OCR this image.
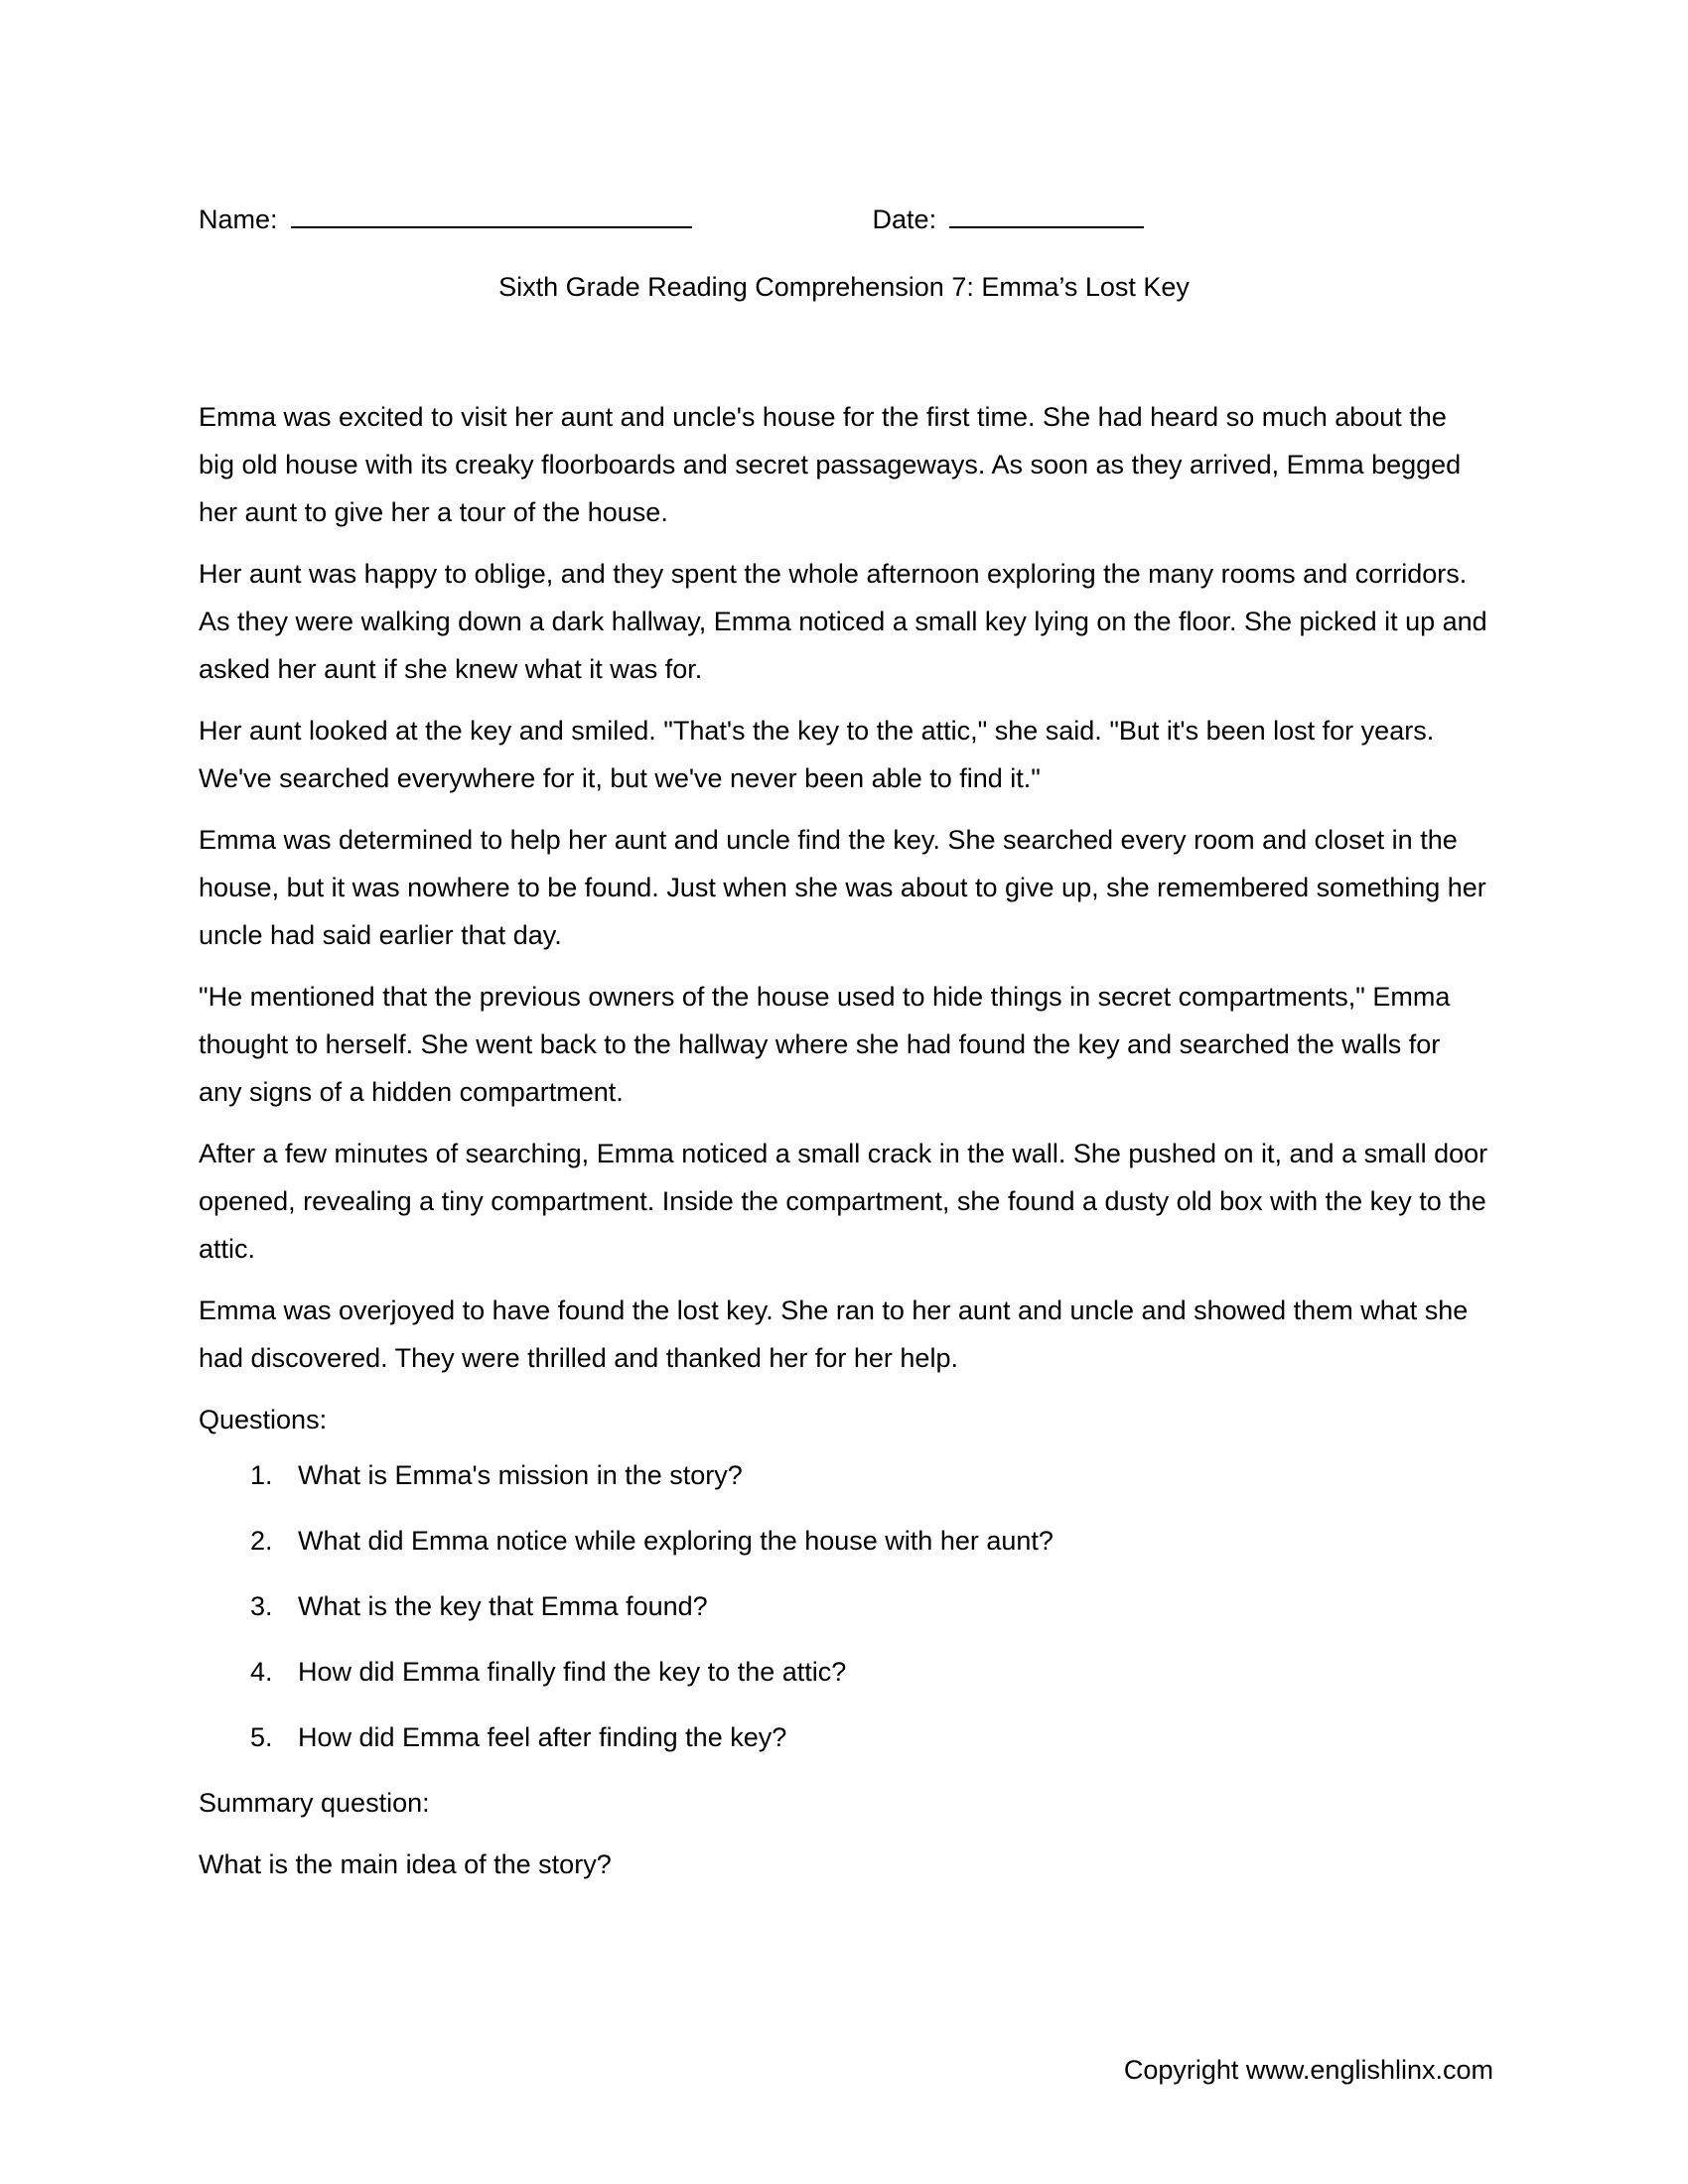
Name:	Date:
Sixth Grade Reading Comprehension 7: Emma’s Lost Key

Emma was excited to visit her aunt and uncle's house for the first time. She had heard so much about the big old house with its creaky floorboards and secret passageways. As soon as they arrived, Emma begged her aunt to give her a tour of the house.

Her aunt was happy to oblige, and they spent the whole afternoon exploring the many rooms and corridors. As they were walking down a dark hallway, Emma noticed a small key lying on the floor. She picked it up and asked her aunt if she knew what it was for.

Her aunt looked at the key and smiled. "That's the key to the attic," she said. "But it's been lost for years. We've searched everywhere for it, but we've never been able to find it."

Emma was determined to help her aunt and uncle find the key. She searched every room and closet in the house, but it was nowhere to be found. Just when she was about to give up, she remembered something her uncle had said earlier that day.

"He mentioned that the previous owners of the house used to hide things in secret compartments," Emma thought to herself. She went back to the hallway where she had found the key and searched the walls for any signs of a hidden compartment.

After a few minutes of searching, Emma noticed a small crack in the wall. She pushed on it, and a small door opened, revealing a tiny compartment. Inside the compartment, she found a dusty old box with the key to the attic.

Emma was overjoyed to have found the lost key. She ran to her aunt and uncle and showed them what she had discovered. They were thrilled and thanked her for her help.

Questions:
1. What is Emma's mission in the story?
2. What did Emma notice while exploring the house with her aunt?
3. What is the key that Emma found?
4. How did Emma finally find the key to the attic?
5. How did Emma feel after finding the key?
Summary question:
What is the main idea of the story?
Copyright www.englishlinx.com
